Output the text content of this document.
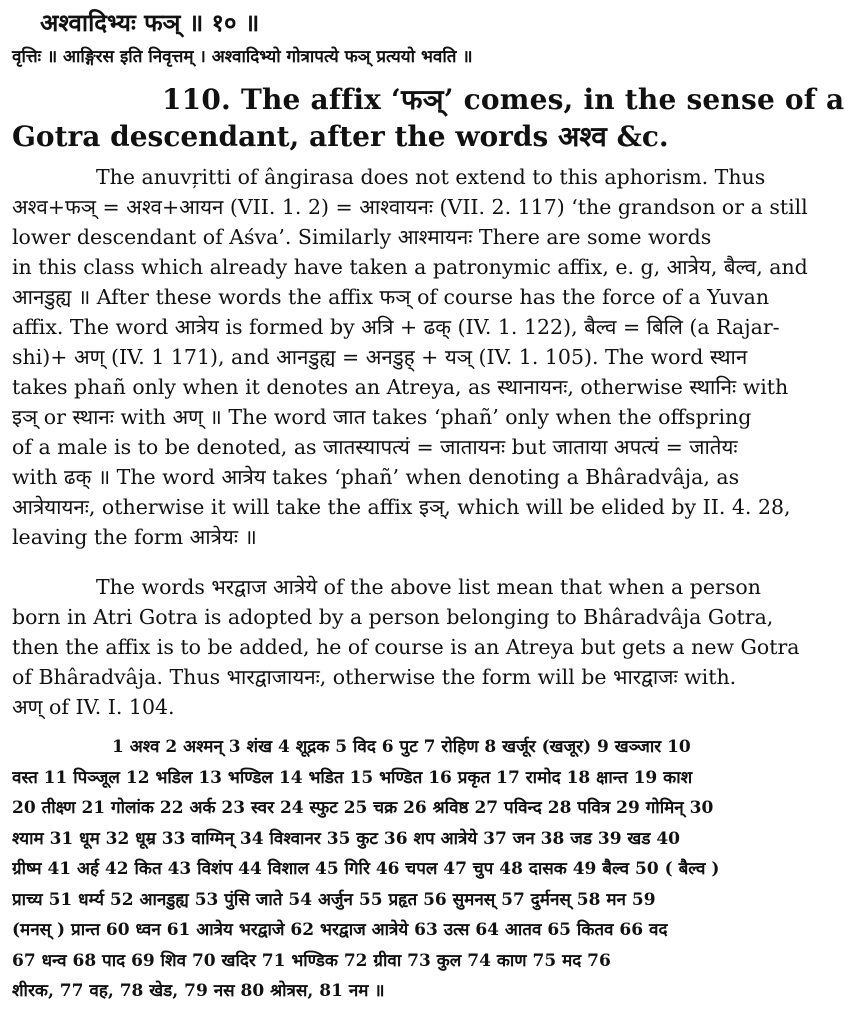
अश्वादिभ्यः फञ् ॥ १० ॥
वृत्तिः ॥ आङ्गिरस इति निवृत्तम् । अश्वादिभ्यो गोत्रापत्ये फञ् प्रत्ययो भवति ॥
110. The affix ‘फञ्’ comes, in the sense of a
Gotra descendant, after the words अश्व &c.
The anuvŗitti of ângirasa does not extend to this aphorism. Thus
अश्व+फञ् = अश्व+आयन (VII. 1. 2) = आश्वायनः (VII. 2. 117) ‘the grandson or a still
lower descendant of Aśva’. Similarly आश्मायनः There are some words
in this class which already have taken a patronymic affix, e. g, आत्रेय, बैल्व, and
आनडुह्य ॥ After these words the affix फञ् of course has the force of a Yuvan
affix. The word आत्रेय is formed by अत्रि + ढक् (IV. 1. 122), बैल्व = बिलि (a Rajar-
shi)+ अण् (IV. 1 171), and आनडुह्य = अनडुह् + यञ् (IV. 1. 105). The word स्थान
takes phañ only when it denotes an Atreya, as स्थानायनः, otherwise स्थानिः with
इञ् or स्थानः with अण् ॥ The word जात takes ‘phañ’ only when the offspring
of a male is to be denoted, as जातस्यापत्यं = जातायनः but जाताया अपत्यं = जातेयः
with ढक् ॥ The word आत्रेय takes ‘phañ’ when denoting a Bhâradvâja, as
आत्रेयायनः, otherwise it will take the affix इञ्, which will be elided by II. 4. 28,
leaving the form आत्रेयः ॥
The words भरद्वाज आत्रेये of the above list mean that when a person
born in Atri Gotra is adopted by a person belonging to Bhâradvâja Gotra,
then the affix is to be added, he of course is an Atreya but gets a new Gotra
of Bhâradvâja. Thus भारद्वाजायनः, otherwise the form will be भारद्वाजः with.
अण् of IV. I. 104.
1 अश्व 2 अश्मन् 3 शंख 4 शूद्रक 5 विद 6 पुट 7 रोहिण 8 खर्जूर (खजूर) 9 खञ्जार 10
वस्त 11 पिञ्जूल 12 भडिल 13 भण्डिल 14 भडित 15 भण्डित 16 प्रकृत 17 रामोद 18 क्षान्त 19 काश
20 तीक्ष्ण 21 गोलांक 22 अर्क 23 स्वर 24 स्फुट 25 चक्र 26 श्रविष्ठ 27 पविन्द 28 पवित्र 29 गोमिन् 30
श्याम 31 धूम 32 धूम्र 33 वाग्मिन् 34 विश्वानर 35 कुट 36 शप आत्रेये 37 जन 38 जड 39 खड 40
ग्रीष्म 41 अर्ह 42 कित 43 विशंप 44 विशाल 45 गिरि 46 चपल 47 चुप 48 दासक 49 बैल्व 50 ( बैल्व )
प्राच्य 51 धर्म्य 52 आनडुह्य 53 पुंसि जाते 54 अर्जुन 55 प्रहृत 56 सुमनस् 57 दुर्मनस् 58 मन 59
(मनस् ) प्रान्त 60 ध्वन 61 आत्रेय भरद्वाजे 62 भरद्वाज आत्रेये 63 उत्स 64 आतव 65 कितव 66 वद
67 धन्व 68 पाद 69 शिव 70 खदिर 71 भण्डिक 72 ग्रीवा 73 कुल 74 काण 75 मद 76
शीरक, 77 वह, 78 खेड, 79 नस 80 श्रोत्रस, 81 नम ॥
